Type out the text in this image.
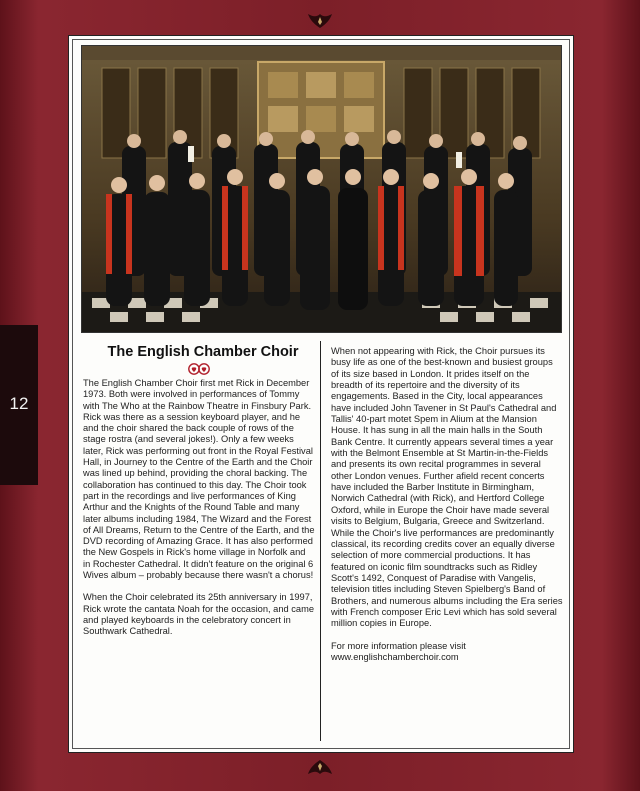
12
The English Chamber Choir

The English Chamber Choir first met Rick in December 1973. Both were involved in performances of Tommy with The Who at the Rainbow Theatre in Finsbury Park. Rick was there as a session keyboard player, and he and the choir shared the back couple of rows of the stage rostra (and several jokes!). Only a few weeks later, Rick was performing out front in the Royal Festival Hall, in Journey to the Centre of the Earth and the Choir was lined up behind, providing the choral backing. The collaboration has continued to this day. The Choir took part in the recordings and live performances of King Arthur and the Knights of the Round Table and many later albums including 1984, The Wizard and the Forest of All Dreams, Return to the Centre of the Earth, and the DVD recording of Amazing Grace. It has also performed the New Gospels in Rick's home village in Norfolk and in Rochester Cathedral. It didn't feature on the original 6 Wives album – probably because there wasn't a chorus!

When the Choir celebrated its 25th anniversary in 1997, Rick wrote the cantata Noah for the occasion, and came and played keyboards in the celebratory concert in Southwark Cathedral.

When not appearing with Rick, the Choir pursues its busy life as one of the best-known and busiest groups of its size based in London. It prides itself on the breadth of its repertoire and the diversity of its engagements. Based in the City, local appearances have included John Tavener in St Paul's Cathedral and Tallis' 40-part motet Spem in Alium at the Mansion House. It has sung in all the main halls in the South Bank Centre. It currently appears several times a year with the Belmont Ensemble at St Martin-in-the-Fields and presents its own recital programmes in several other London venues. Further afield recent concerts have included the Barber Institute in Birmingham, Norwich Cathedral (with Rick), and Hertford College Oxford, while in Europe the Choir have made several visits to Belgium, Bulgaria, Greece and Switzerland. While the Choir's live performances are predominantly classical, its recording credits cover an equally diverse selection of more commercial productions. It has featured on iconic film soundtracks such as Ridley Scott's 1492, Conquest of Paradise with Vangelis, television titles including Steven Spielberg's Band of Brothers, and numerous albums including the Era series with French composer Eric Levi which has sold several million copies in Europe.

For more information please visit

www.englishchamberchoir.com
